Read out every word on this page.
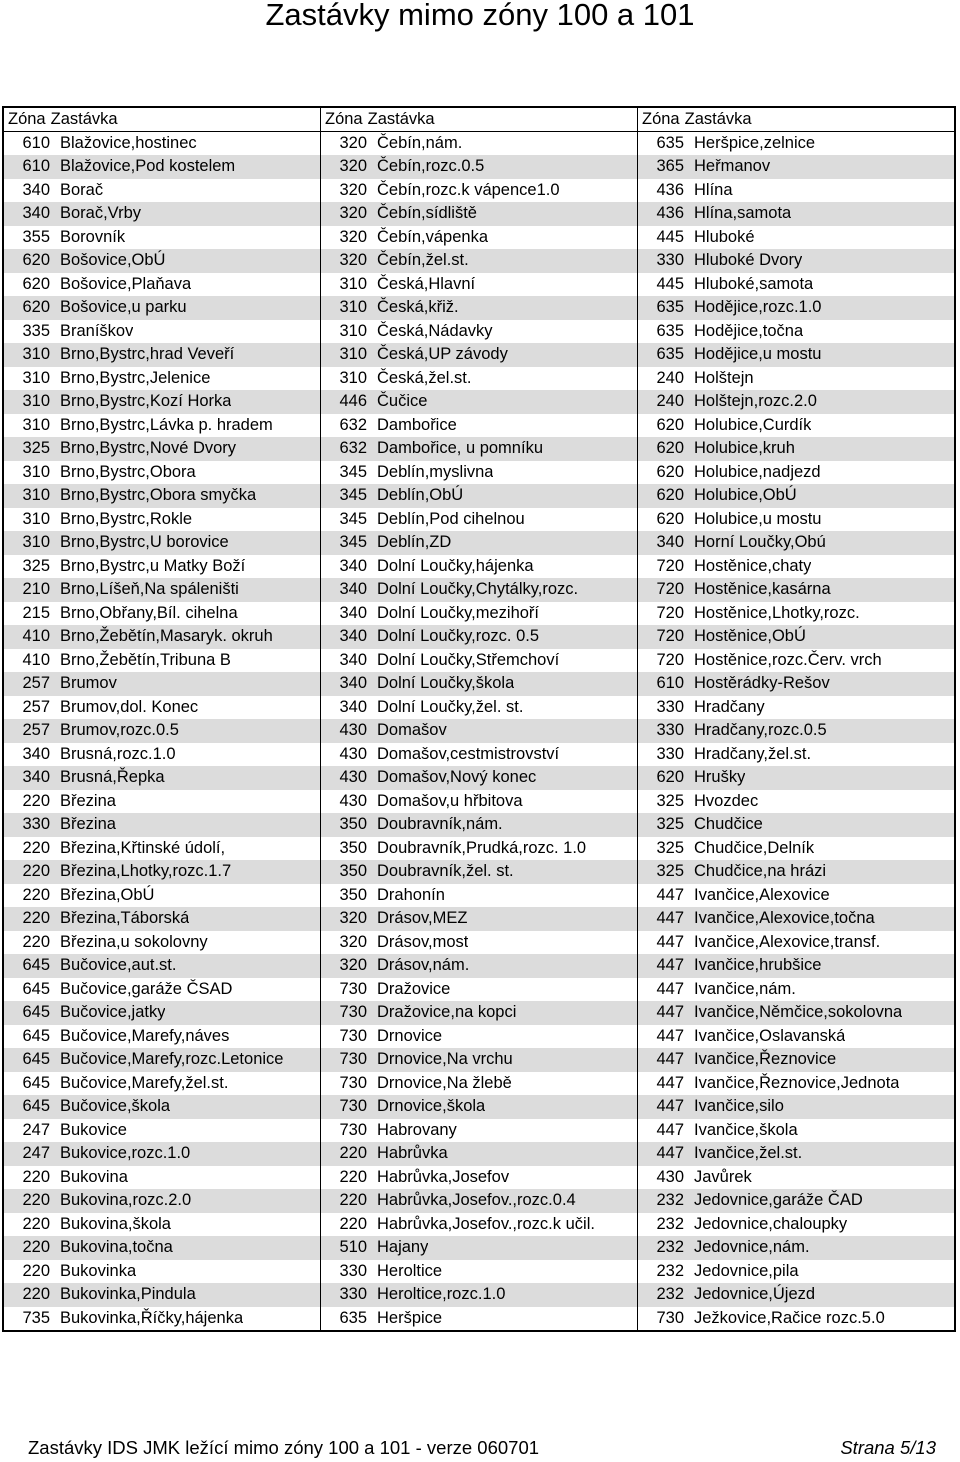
Zastávky mimo zóny 100 a 101
Zóna Zastávka	Zóna Zastávka	Zóna Zastávka
610 Blažovice,hostinec	320 Čebín,nám.	635 Heršpice,zelnice
610 Blažovice,Pod kostelem	320 Čebín,rozc.0.5	365 Heřmanov
340 Borač	320 Čebín,rozc.k vápence1.0	436 Hlína
340 Borač,Vrby	320 Čebín,sídliště	436 Hlína,samota
355 Borovník	320 Čebín,vápenka	445 Hluboké
620 Bošovice,ObÚ	320 Čebín,žel.st.	330 Hluboké Dvory
620 Bošovice,Plaňava	310 Česká,Hlavní	445 Hluboké,samota
620 Bošovice,u parku	310 Česká,křiž.	635 Hodějice,rozc.1.0
335 Braníškov	310 Česká,Nádavky	635 Hodějice,točna
310 Brno,Bystrc,hrad Veveří	310 Česká,UP závody	635 Hodějice,u mostu
310 Brno,Bystrc,Jelenice	310 Česká,žel.st.	240 Holštejn
310 Brno,Bystrc,Kozí Horka	446 Čučice	240 Holštejn,rozc.2.0
310 Brno,Bystrc,Lávka p. hradem	632 Dambořice	620 Holubice,Curdík
325 Brno,Bystrc,Nové Dvory	632 Dambořice, u pomníku	620 Holubice,kruh
310 Brno,Bystrc,Obora	345 Deblín,myslivna	620 Holubice,nadjezd
310 Brno,Bystrc,Obora smyčka	345 Deblín,ObÚ	620 Holubice,ObÚ
310 Brno,Bystrc,Rokle	345 Deblín,Pod cihelnou	620 Holubice,u mostu
310 Brno,Bystrc,U borovice	345 Deblín,ZD	340 Horní Loučky,Obú
325 Brno,Bystrc,u Matky Boží	340 Dolní Loučky,hájenka	720 Hostěnice,chaty
210 Brno,Líšeň,Na spáleništi	340 Dolní Loučky,Chytálky,rozc.	720 Hostěnice,kasárna
215 Brno,Obřany,Bíl. cihelna	340 Dolní Loučky,mezihoří	720 Hostěnice,Lhotky,rozc.
410 Brno,Žebětín,Masaryk. okruh	340 Dolní Loučky,rozc. 0.5	720 Hostěnice,ObÚ
410 Brno,Žebětín,Tribuna B	340 Dolní Loučky,Střemchoví	720 Hostěnice,rozc.Červ. vrch
257 Brumov	340 Dolní Loučky,škola	610 Hostěrádky-Rešov
257 Brumov,dol. Konec	340 Dolní Loučky,žel. st.	330 Hradčany
257 Brumov,rozc.0.5	430 Domašov	330 Hradčany,rozc.0.5
340 Brusná,rozc.1.0	430 Domašov,cestmistrovství	330 Hradčany,žel.st.
340 Brusná,Řepka	430 Domašov,Nový konec	620 Hrušky
220 Březina	430 Domašov,u hřbitova	325 Hvozdec
330 Březina	350 Doubravník,nám.	325 Chudčice
220 Březina,Křtinské údolí,	350 Doubravník,Prudká,rozc. 1.0	325 Chudčice,Delník
220 Březina,Lhotky,rozc.1.7	350 Doubravník,žel. st.	325 Chudčice,na hrázi
220 Březina,ObÚ	350 Drahonín	447 Ivančice,Alexovice
220 Březina,Táborská	320 Drásov,MEZ	447 Ivančice,Alexovice,točna
220 Březina,u sokolovny	320 Drásov,most	447 Ivančice,Alexovice,transf.
645 Bučovice,aut.st.	320 Drásov,nám.	447 Ivančice,hrubšice
645 Bučovice,garáže ČSAD	730 Dražovice	447 Ivančice,nám.
645 Bučovice,jatky	730 Dražovice,na kopci	447 Ivančice,Němčice,sokolovna
645 Bučovice,Marefy,náves	730 Drnovice	447 Ivančice,Oslavanská
645 Bučovice,Marefy,rozc.Letonice	730 Drnovice,Na vrchu	447 Ivančice,Řeznovice
645 Bučovice,Marefy,žel.st.	730 Drnovice,Na žlebě	447 Ivančice,Řeznovice,Jednota
645 Bučovice,škola	730 Drnovice,škola	447 Ivančice,silo
247 Bukovice	730 Habrovany	447 Ivančice,škola
247 Bukovice,rozc.1.0	220 Habrůvka	447 Ivančice,žel.st.
220 Bukovina	220 Habrůvka,Josefov	430 Javůrek
220 Bukovina,rozc.2.0	220 Habrůvka,Josefov.,rozc.0.4	232 Jedovnice,garáže ČAD
220 Bukovina,škola	220 Habrůvka,Josefov.,rozc.k učil.	232 Jedovnice,chaloupky
220 Bukovina,točna	510 Hajany	232 Jedovnice,nám.
220 Bukovinka	330 Heroltice	232 Jedovnice,pila
220 Bukovinka,Pindula	330 Heroltice,rozc.1.0	232 Jedovnice,Újezd
735 Bukovinka,Říčky,hájenka	635 Heršpice	730 Ježkovice,Račice rozc.5.0
Zastávky IDS JMK ležící mimo zóny 100 a 101 - verze 060701	Strana 5/13
